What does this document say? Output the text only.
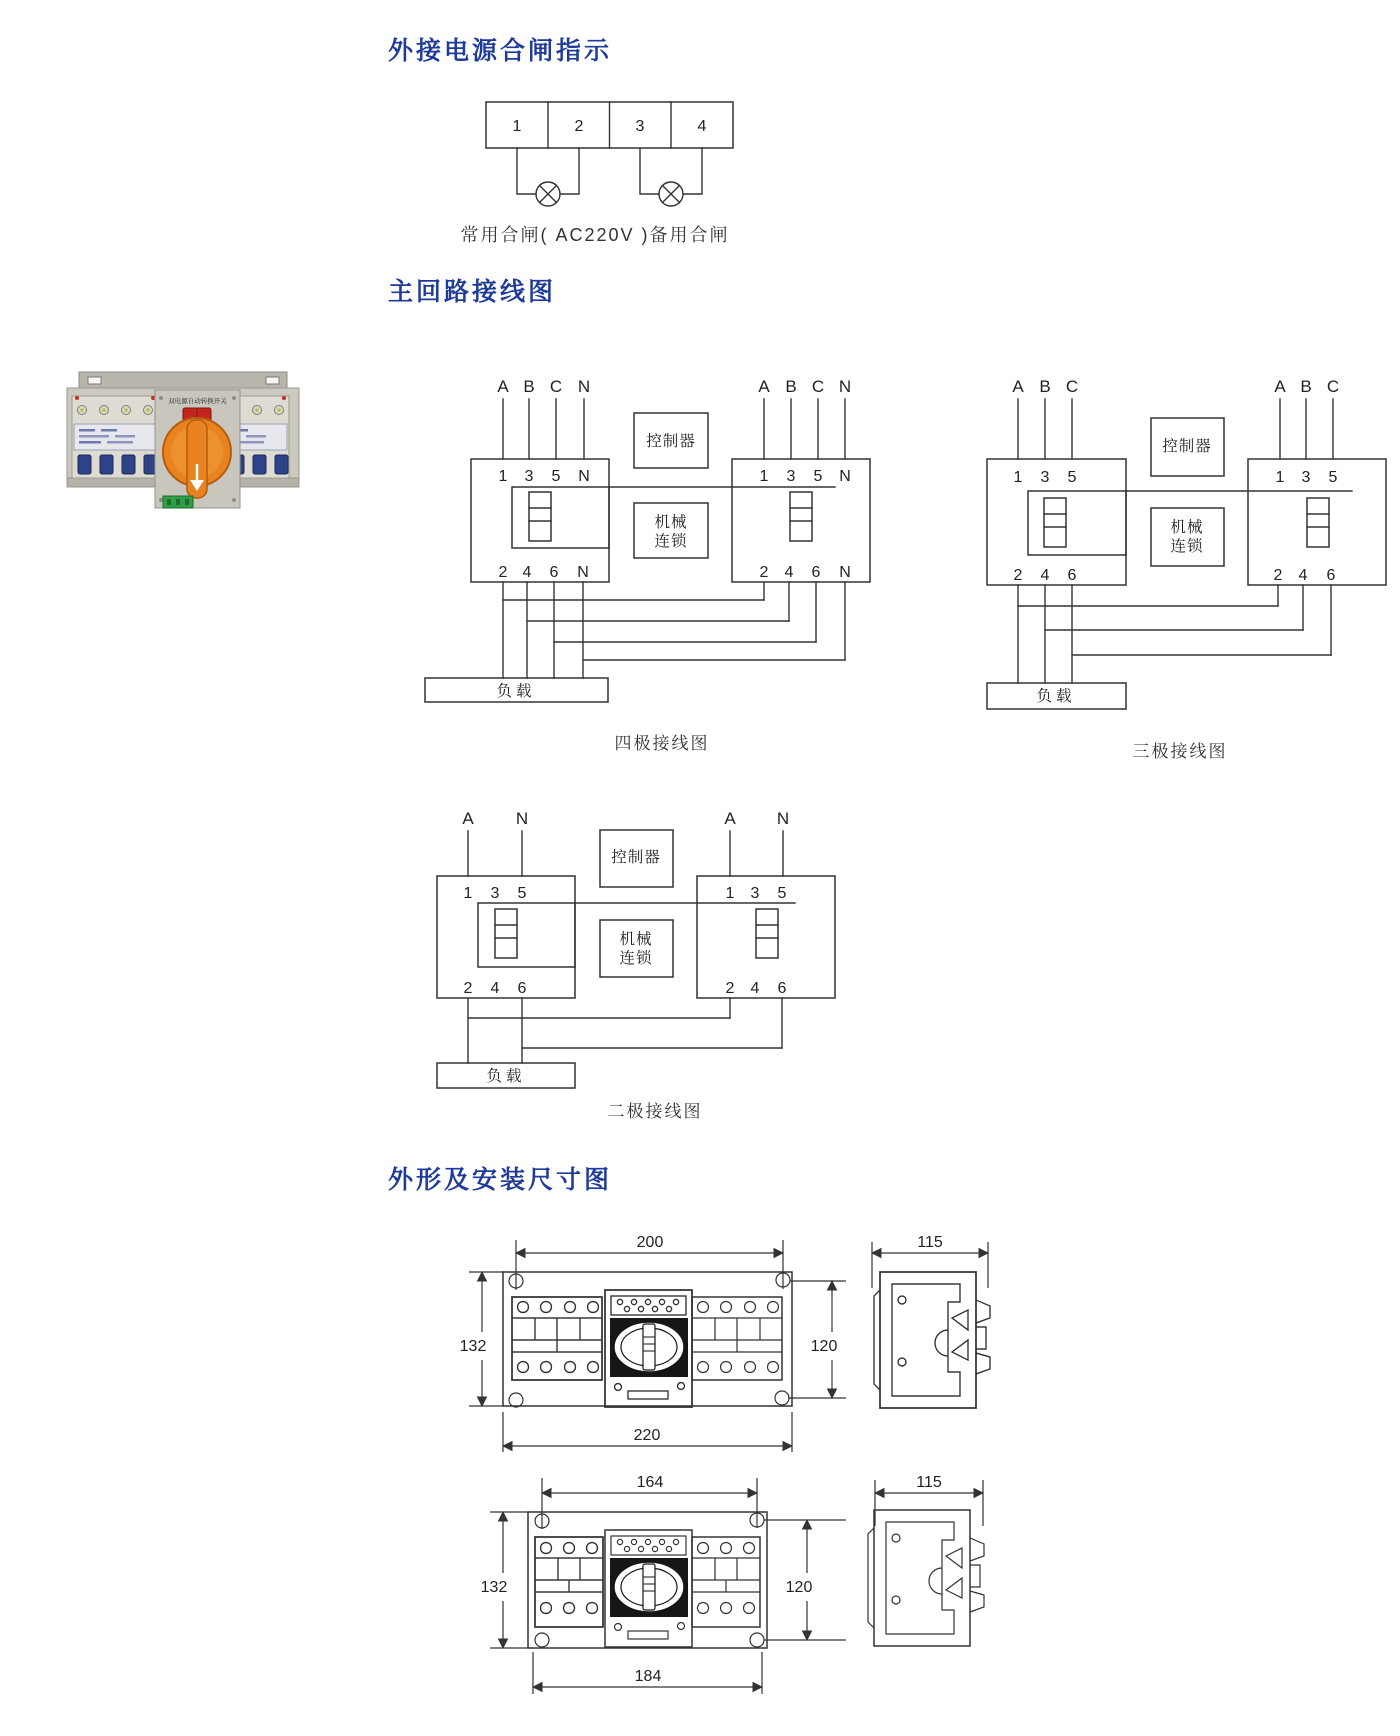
外接电源合闸指示
1	2	3	4
常用合闸( AC220V )备用合闸
主回路接线图
双电源自动转换开关
A B C N	A B C N
1 3 5 N
2 4 6 N
控制器
机械
连锁
1 3 5 N
2 4 6 N
负载
四极接线图
A B C	A B C
1 3 5
2 4 6
控制器
机械
连锁
1 3 5
2 4 6
负载
三极接线图
A N	A N
1 3 5
2 4 6
控制器
机械
连锁
1 3 5
2 4 6
负载
二极接线图
外形及安装尺寸图
200
132	120
220
115
164
132	120
184
115
